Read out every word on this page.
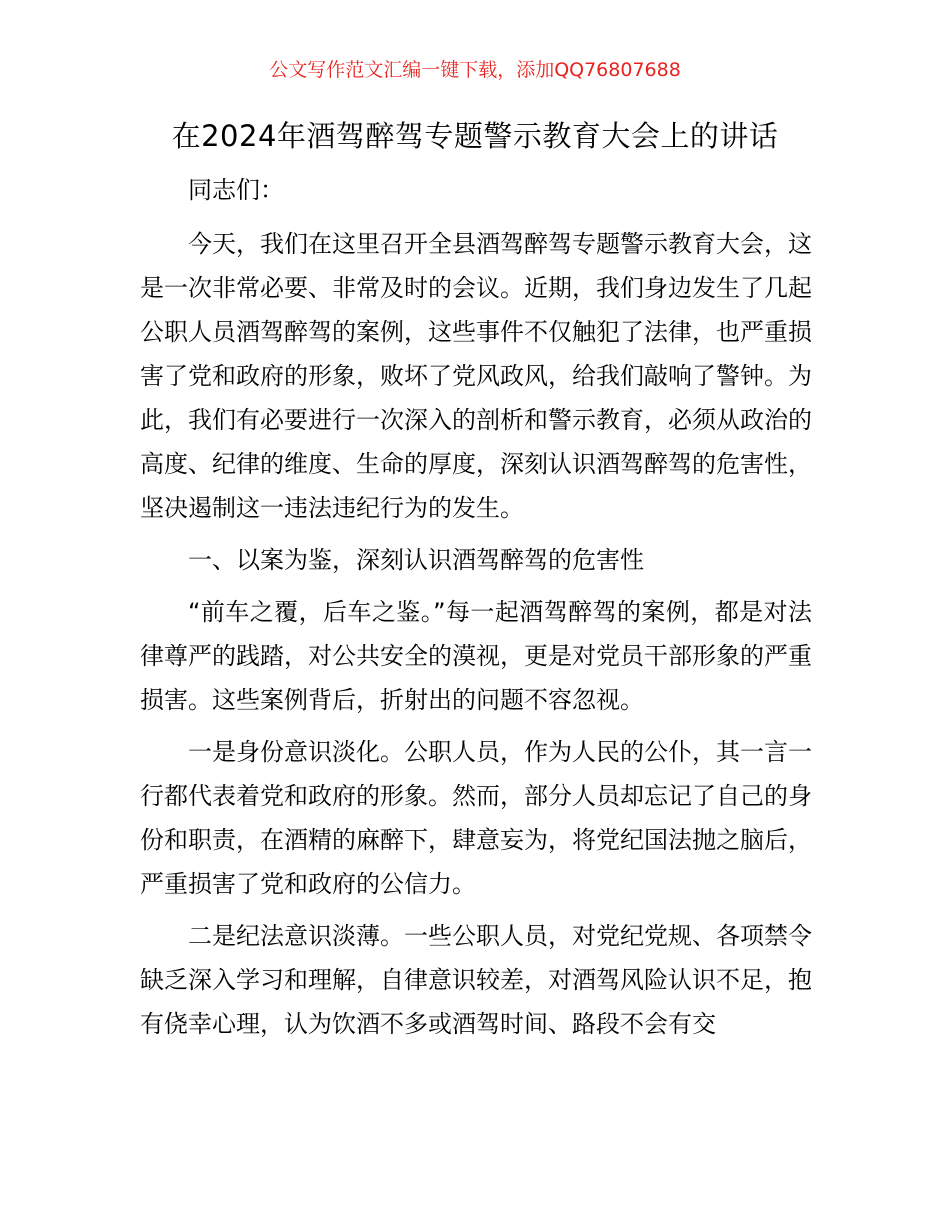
公文写作范文汇编一键下载，添加QQ76807688
在2024年酒驾醉驾专题警示教育大会上的讲话

同志们：

今天，我们在这里召开全县酒驾醉驾专题警示教育大会，这是一次非常必要、非常及时的会议。近期，我们身边发生了几起公职人员酒驾醉驾的案例，这些事件不仅触犯了法律，也严重损害了党和政府的形象，败坏了党风政风，给我们敲响了警钟。为此，我们有必要进行一次深入的剖析和警示教育，必须从政治的高度、纪律的维度、生命的厚度，深刻认识酒驾醉驾的危害性，坚决遏制这一违法违纪行为的发生。

一、以案为鉴，深刻认识酒驾醉驾的危害性

“前车之覆，后车之鉴。”每一起酒驾醉驾的案例，都是对法律尊严的践踏，对公共安全的漠视，更是对党员干部形象的严重损害。这些案例背后，折射出的问题不容忽视。

一是身份意识淡化。公职人员，作为人民的公仆，其一言一行都代表着党和政府的形象。然而，部分人员却忘记了自己的身份和职责，在酒精的麻醉下，肆意妄为，将党纪国法抛之脑后，严重损害了党和政府的公信力。

二是纪法意识淡薄。一些公职人员，对党纪党规、各项禁令缺乏深入学习和理解，自律意识较差，对酒驾风险认识不足，抱有侥幸心理，认为饮酒不多或酒驾时间、路段不会有交
